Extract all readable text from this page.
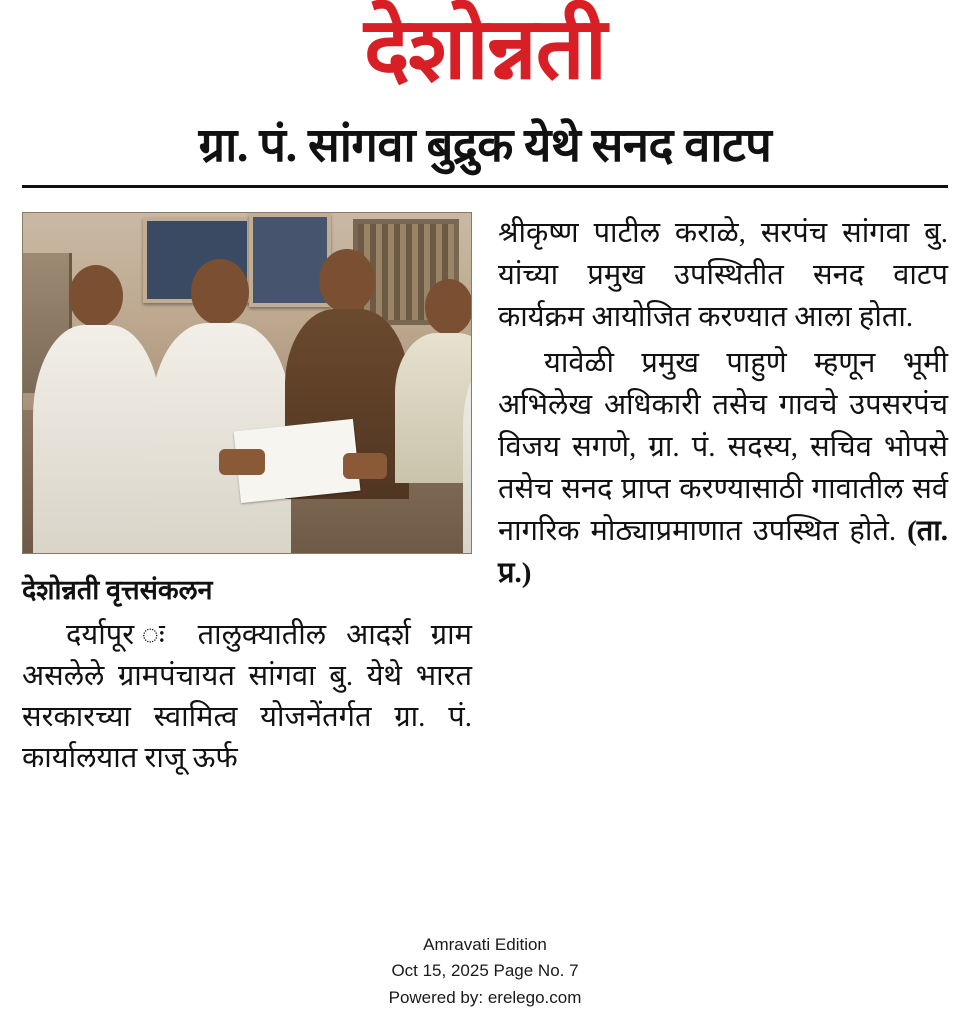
देशोन्नती
ग्रा. पं. सांगवा बुद्रुक येथे सनद वाटप
देशोन्नती वृत्तसंकलन
दर्यापूर ः तालुक्यातील आदर्श ग्राम असलेले ग्रामपंचायत सांगवा बु. येथे भारत सरकारच्या स्वामित्व योजनेंतर्गत ग्रा. पं. कार्यालयात राजू ऊर्फ
श्रीकृष्ण पाटील कराळे, सरपंच सांगवा बु. यांच्या प्रमुख उपस्थितीत सनद वाटप कार्यक्रम आयोजित करण्यात आला होता.
यावेळी प्रमुख पाहुणे म्हणून भूमी अभिलेख अधिकारी तसेच गावचे उपसरपंच विजय सगणे, ग्रा. पं. सदस्य, सचिव भोपसे तसेच सनद प्राप्त करण्यासाठी गावातील सर्व नागरिक मोठ्याप्रमाणात उपस्थित होते. (ता. प्र.)
Amravati Edition
Oct 15, 2025 Page No. 7
Powered by: erelego.com
